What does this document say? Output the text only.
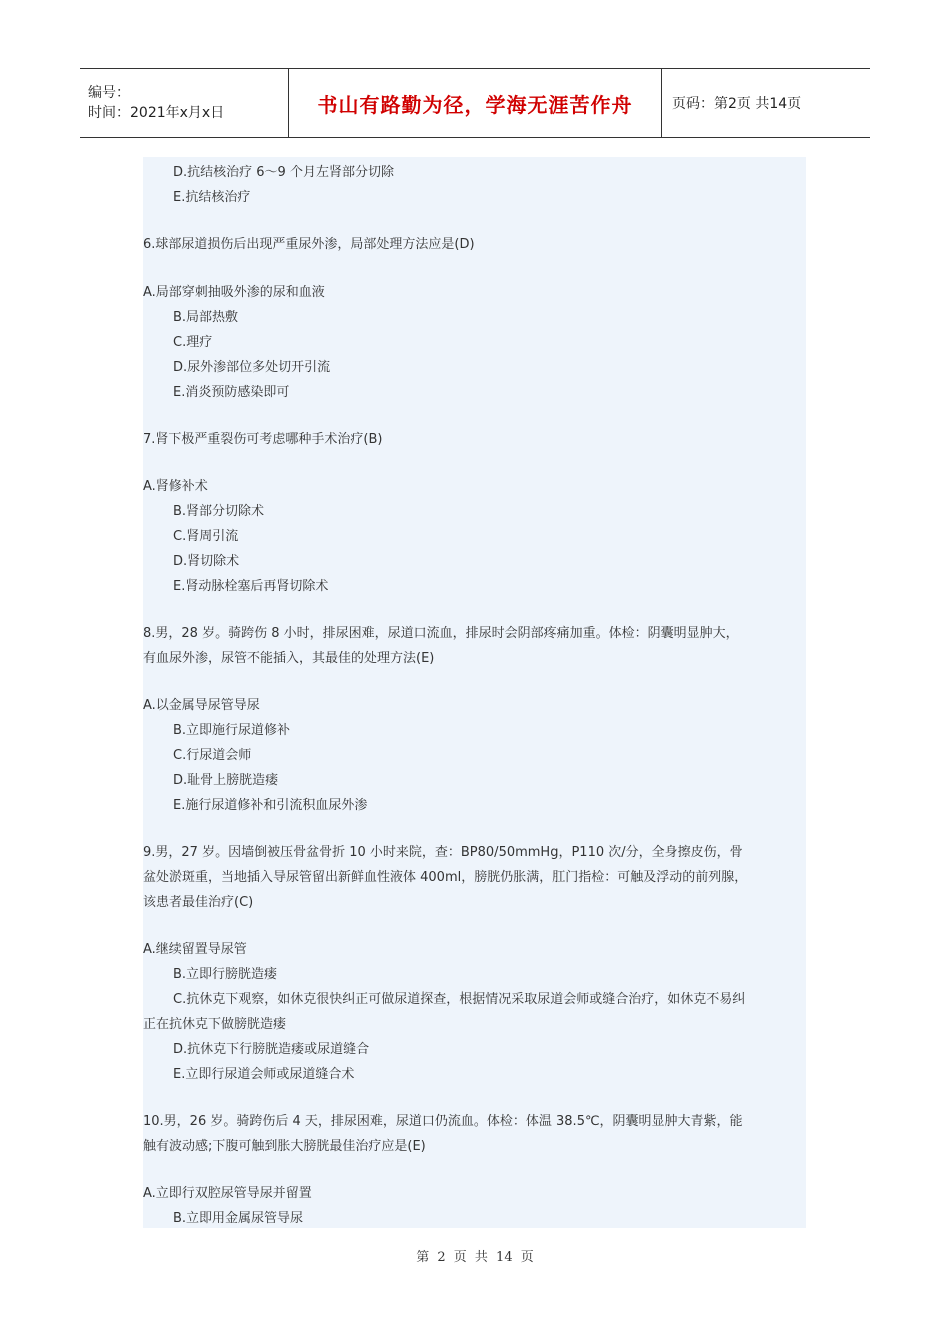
编号：
时间：2021年x月x日	书山有路勤为径，学海无涯苦作舟	页码：第2页 共14页
D.抗结核治疗 6～9 个月左肾部分切除
E.抗结核治疗
6.球部尿道损伤后出现严重尿外渗，局部处理方法应是(D)
A.局部穿刺抽吸外渗的尿和血液
B.局部热敷
C.理疗
D.尿外渗部位多处切开引流
E.消炎预防感染即可
7.肾下极严重裂伤可考虑哪种手术治疗(B)
A.肾修补术
B.肾部分切除术
C.肾周引流
D.肾切除术
E.肾动脉栓塞后再肾切除术
8.男，28 岁。骑跨伤 8 小时，排尿困难，尿道口流血，排尿时会阴部疼痛加重。体检：阴囊明显肿大，
有血尿外渗，尿管不能插入，其最佳的处理方法(E)
A.以金属导尿管导尿
B.立即施行尿道修补
C.行尿道会师
D.耻骨上膀胱造瘘
E.施行尿道修补和引流积血尿外渗
9.男，27 岁。因墙倒被压骨盆骨折 10 小时来院，查：BP80/50mmHg，P110 次/分，全身擦皮伤，骨
盆处淤斑重，当地插入导尿管留出新鲜血性液体 400ml，膀胱仍胀满，肛门指检：可触及浮动的前列腺，
该患者最佳治疗(C)
A.继续留置导尿管
B.立即行膀胱造瘘
C.抗休克下观察，如休克很快纠正可做尿道探查，根据情况采取尿道会师或缝合治疗，如休克不易纠
正在抗休克下做膀胱造瘘
D.抗休克下行膀胱造瘘或尿道缝合
E.立即行尿道会师或尿道缝合术
10.男，26 岁。骑跨伤后 4 天，排尿困难，尿道口仍流血。体检：体温 38.5℃，阴囊明显肿大青紫，能
触有波动感;下腹可触到胀大膀胱最佳治疗应是(E)
A.立即行双腔尿管导尿并留置
B.立即用金属尿管导尿
第 2 页 共 14 页
